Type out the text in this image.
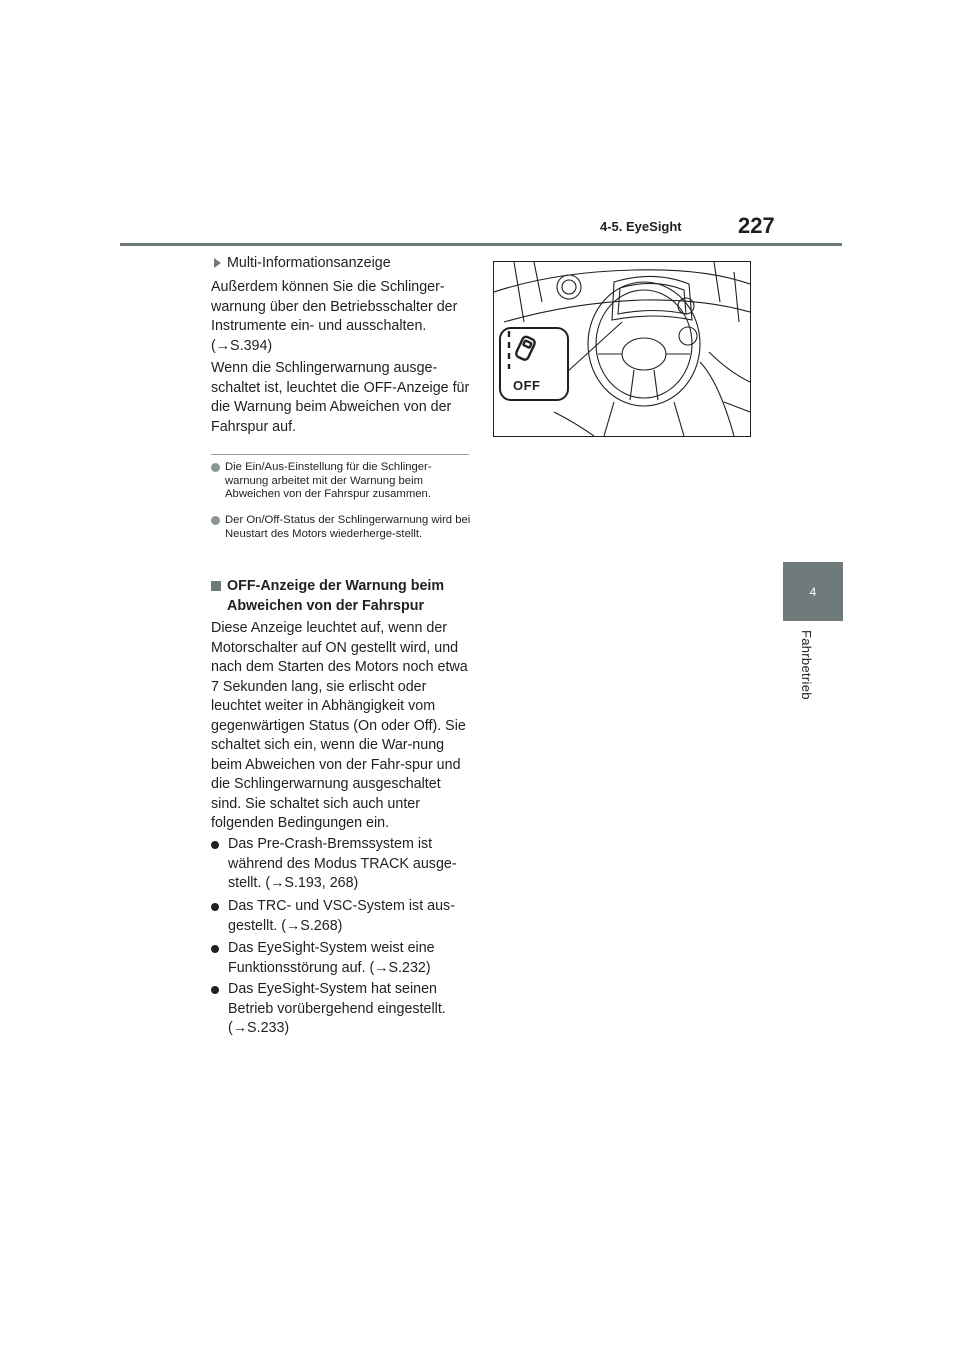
4-5. EyeSight	227
4
Fahrbetrieb
Multi-Informationsanzeige

Außerdem können Sie die Schlinger-warnung über den Betriebsschalter der Instrumente ein- und ausschalten. (→S.394)

Wenn die Schlingerwarnung ausge-schaltet ist, leuchtet die OFF-Anzeige für die Warnung beim Abweichen von der Fahrspur auf.

Die Ein/Aus-Einstellung für die Schlinger-warnung arbeitet mit der Warnung beim Abweichen von der Fahrspur zusammen.
Der On/Off-Status der Schlingerwarnung wird bei Neustart des Motors wiederherge-stellt.
OFF-Anzeige der Warnung beim Abweichen von der Fahrspur

Diese Anzeige leuchtet auf, wenn der Motorschalter auf ON gestellt wird, und nach dem Starten des Motors noch etwa 7 Sekunden lang, sie erlischt oder leuchtet weiter in Abhängigkeit vom gegenwärtigen Status (On oder Off). Sie schaltet sich ein, wenn die War-nung beim Abweichen von der Fahr-spur und die Schlingerwarnung ausgeschaltet sind. Sie schaltet sich auch unter folgenden Bedingungen ein.

Das Pre-Crash-Bremssystem ist während des Modus TRACK ausge-stellt. (→S.193, 268)
Das TRC- und VSC-System ist aus-gestellt. (→S.268)
Das EyeSight-System weist eine Funktionsstörung auf. (→S.232)
Das EyeSight-System hat seinen Betrieb vorübergehend eingestellt. (→S.233)
OFF
